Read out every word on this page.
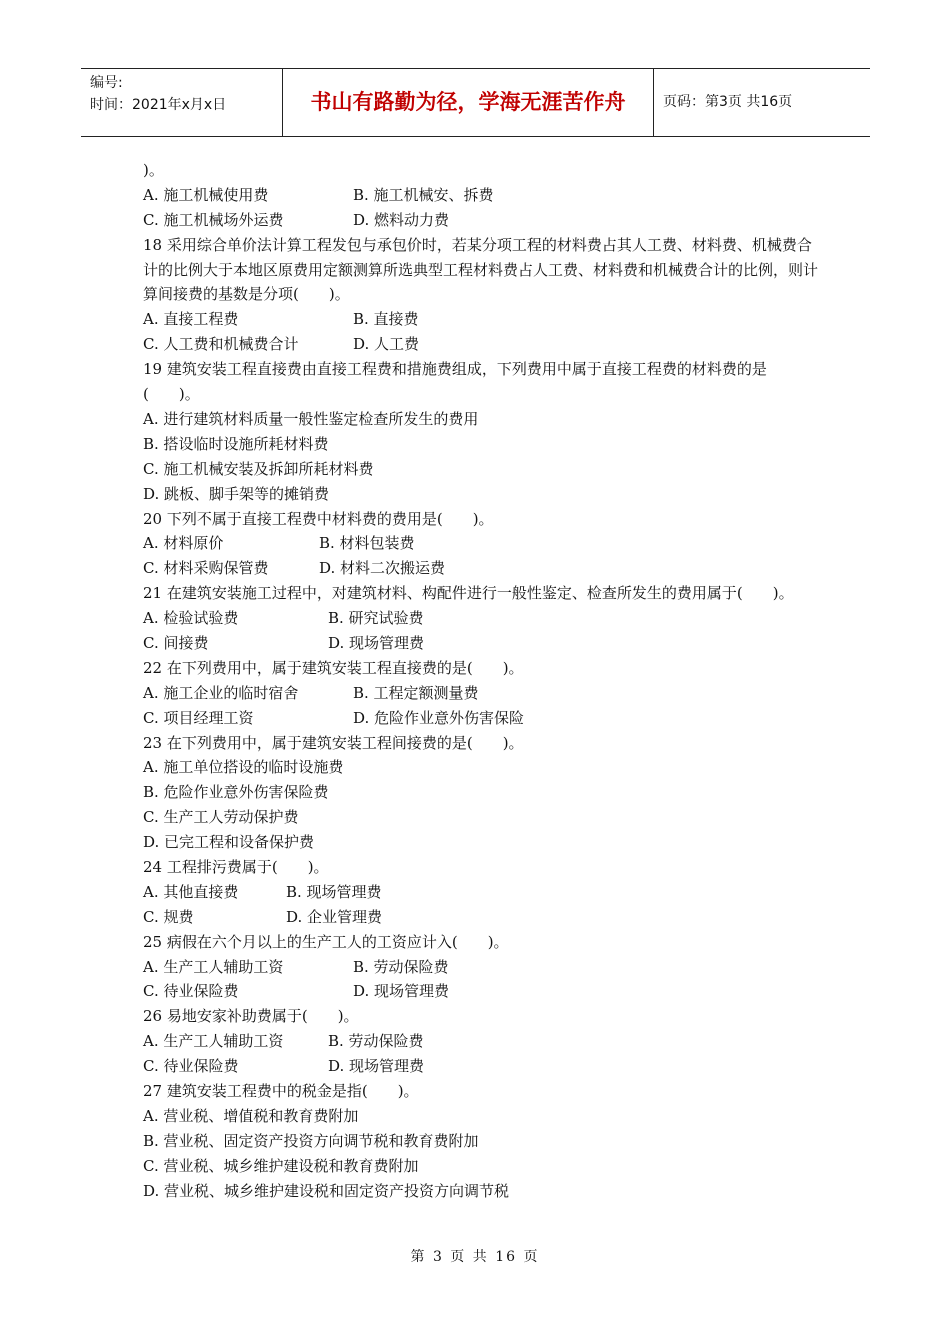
编号:
时间：2021年x月x日	书山有路勤为径，学海无涯苦作舟	页码：第3页 共16页
)。
A. 施工机械使用费	B. 施工机械安、拆费
C. 施工机械场外运费	D. 燃料动力费
18 采用综合单价法计算工程发包与承包价时，若某分项工程的材料费占其人工费、材料费、机械费合计的比例大于本地区原费用定额测算所选典型工程材料费占人工费、材料费和机械费合计的比例，则计算间接费的基数是分项(　　)。
A. 直接工程费	B. 直接费
C. 人工费和机械费合计	D. 人工费
19 建筑安装工程直接费由直接工程费和措施费组成，下列费用中属于直接工程费的材料费的是(　　)。
A. 进行建筑材料质量一般性鉴定检查所发生的费用
B. 搭设临时设施所耗材料费
C. 施工机械安装及拆卸所耗材料费
D. 跳板、脚手架等的摊销费
20 下列不属于直接工程费中材料费的费用是(　　)。
A. 材料原价	B. 材料包装费
C. 材料采购保管费	D. 材料二次搬运费
21 在建筑安装施工过程中，对建筑材料、构配件进行一般性鉴定、检查所发生的费用属于(　　)。
A. 检验试验费	B. 研究试验费
C. 间接费	D. 现场管理费
22 在下列费用中，属于建筑安装工程直接费的是(　　)。
A. 施工企业的临时宿舍	B. 工程定额测量费
C. 项目经理工资	D. 危险作业意外伤害保险
23 在下列费用中，属于建筑安装工程间接费的是(　　)。
A. 施工单位搭设的临时设施费
B. 危险作业意外伤害保险费
C. 生产工人劳动保护费
D. 已完工程和设备保护费
24 工程排污费属于(　　)。
A. 其他直接费	B. 现场管理费
C. 规费	D. 企业管理费
25 病假在六个月以上的生产工人的工资应计入(　　)。
A. 生产工人辅助工资	B. 劳动保险费
C. 待业保险费	D. 现场管理费
26 易地安家补助费属于(　　)。
A. 生产工人辅助工资	B. 劳动保险费
C. 待业保险费	D. 现场管理费
27 建筑安装工程费中的税金是指(　　)。
A. 营业税、增值税和教育费附加
B. 营业税、固定资产投资方向调节税和教育费附加
C. 营业税、城乡维护建设税和教育费附加
D. 营业税、城乡维护建设税和固定资产投资方向调节税
第 3 页 共 16 页
